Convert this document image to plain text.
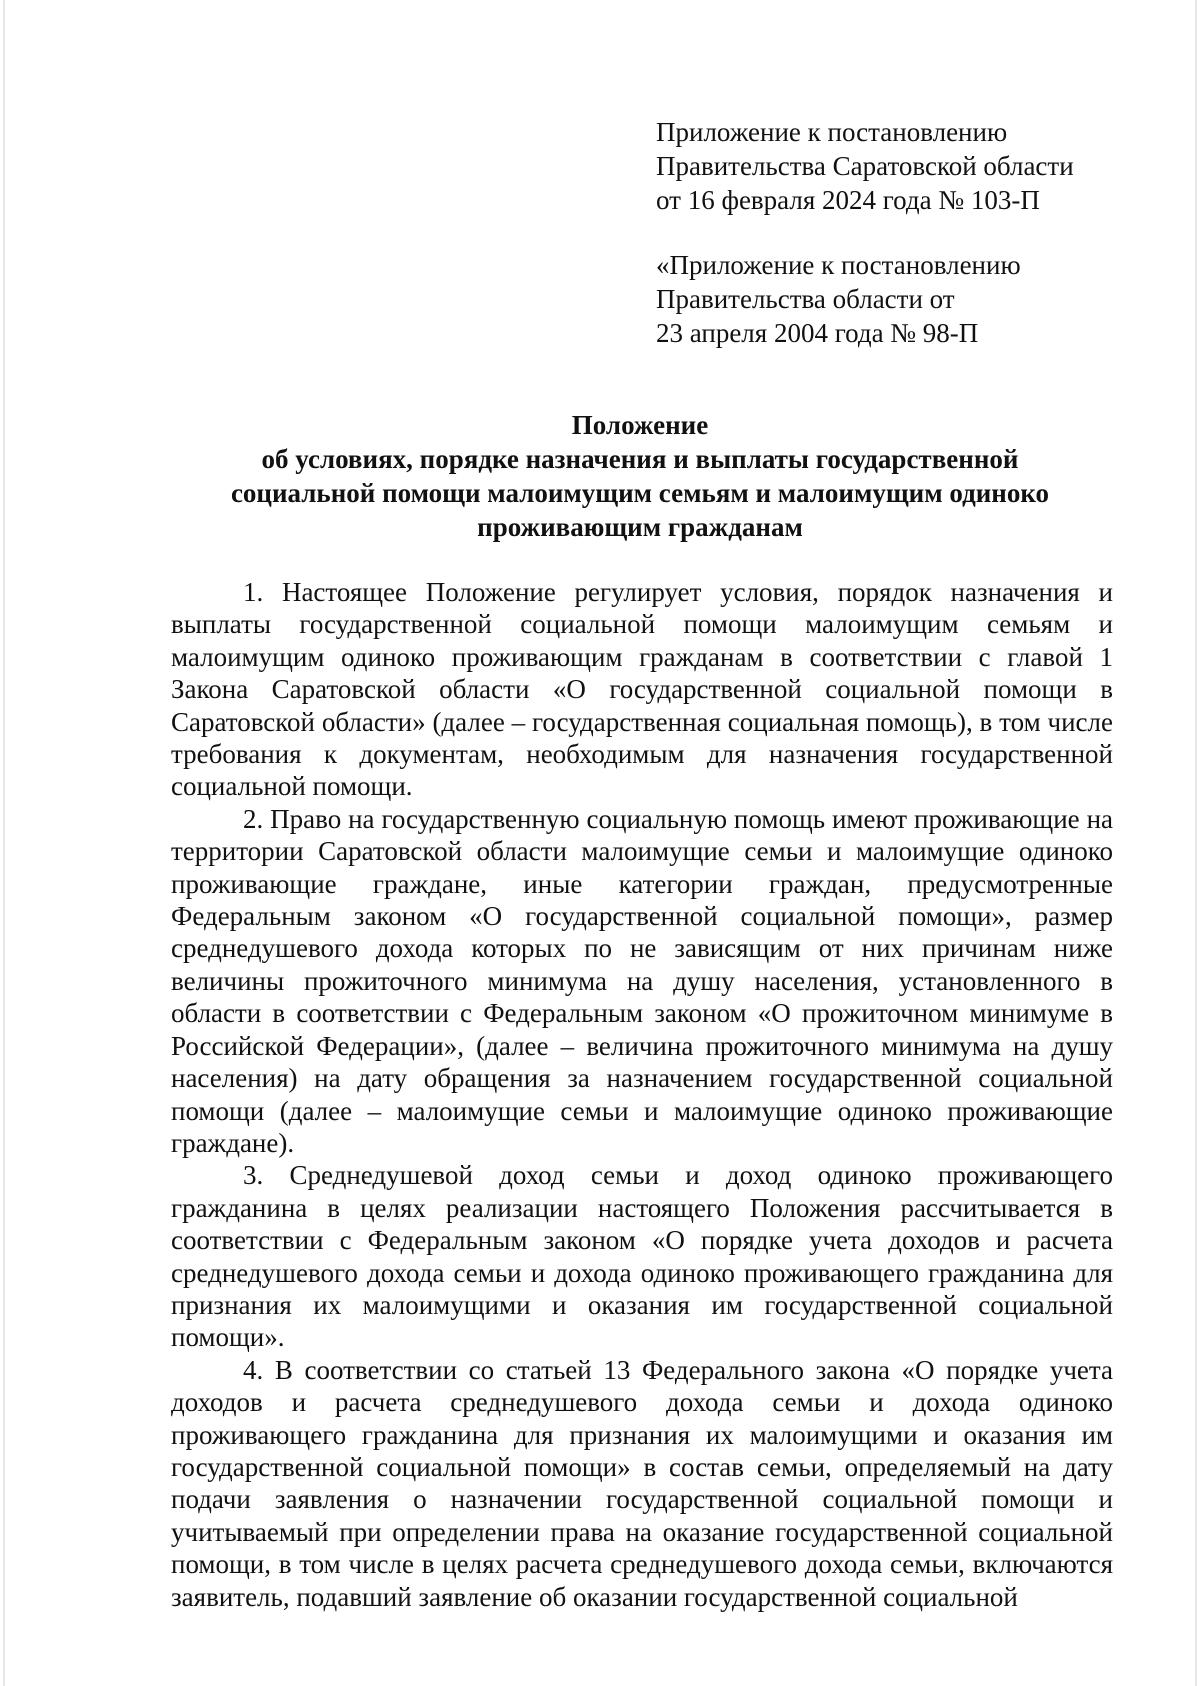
Приложение к постановлению
Правительства Саратовской области
от 16 февраля 2024 года № 103-П
«Приложение к постановлению
Правительства области от
23 апреля 2004 года № 98-П
Положение
об условиях, порядке назначения и выплаты государственной
социальной помощи малоимущим семьям и малоимущим одиноко
проживающим гражданам

1. Настоящее Положение регулирует условия, порядок назначения и выплаты государственной социальной помощи малоимущим семьям и малоимущим одиноко проживающим гражданам в соответствии с главой 1 Закона Саратовской области «О государственной социальной помощи в Саратовской области» (далее – государственная социальная помощь), в том числе требования к документам, необходимым для назначения государственной социальной помощи.

2. Право на государственную социальную помощь имеют проживающие на территории Саратовской области малоимущие семьи и малоимущие одиноко проживающие граждане, иные категории граждан, предусмотренные Федеральным законом «О государственной социальной помощи», размер среднедушевого дохода которых по не зависящим от них причинам ниже величины прожиточного минимума на душу населения, установленного в области в соответствии с Федеральным законом «О прожиточном минимуме в Российской Федерации», (далее – величина прожиточного минимума на душу населения) на дату обращения за назначением государственной социальной помощи (далее – малоимущие семьи и малоимущие одиноко проживающие граждане).

3. Среднедушевой доход семьи и доход одиноко проживающего гражданина в целях реализации настоящего Положения рассчитывается в соответствии с Федеральным законом «О порядке учета доходов и расчета среднедушевого дохода семьи и дохода одиноко проживающего гражданина для признания их малоимущими и оказания им государственной социальной помощи».

4. В соответствии со статьей 13 Федерального закона «О порядке учета доходов и расчета среднедушевого дохода семьи и дохода одиноко проживающего гражданина для признания их малоимущими и оказания им государственной социальной помощи» в состав семьи, определяемый на дату подачи заявления о назначении государственной социальной помощи и учитываемый при определении права на оказание государственной социальной помощи, в том числе в целях расчета среднедушевого дохода семьи, включаются заявитель, подавший заявление об оказании государственной социальной
